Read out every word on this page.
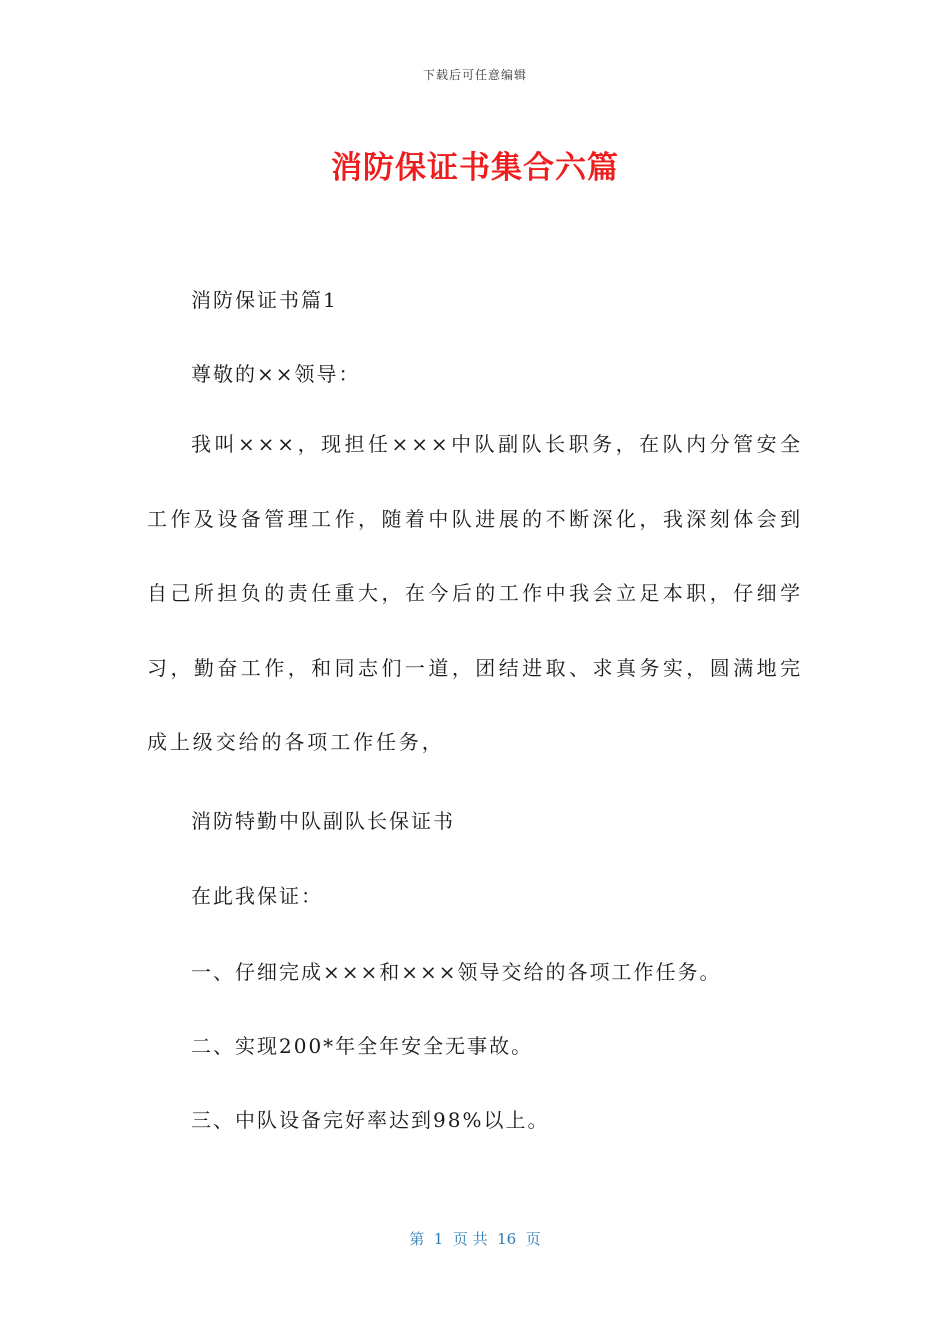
下载后可任意编辑
消防保证书集合六篇

消防保证书篇1

尊敬的××领导：

我叫×××，现担任×××中队副队长职务，在队内分管安全工作及设备管理工作，随着中队进展的不断深化，我深刻体会到自己所担负的责任重大，在今后的工作中我会立足本职，仔细学习，勤奋工作，和同志们一道，团结进取、求真务实，圆满地完成上级交给的各项工作任务，

消防特勤中队副队长保证书

在此我保证：

一、仔细完成×××和×××领导交给的各项工作任务。

二、实现200*年全年安全无事故。

三、中队设备完好率达到98%以上。

第  1  页 共  16  页
